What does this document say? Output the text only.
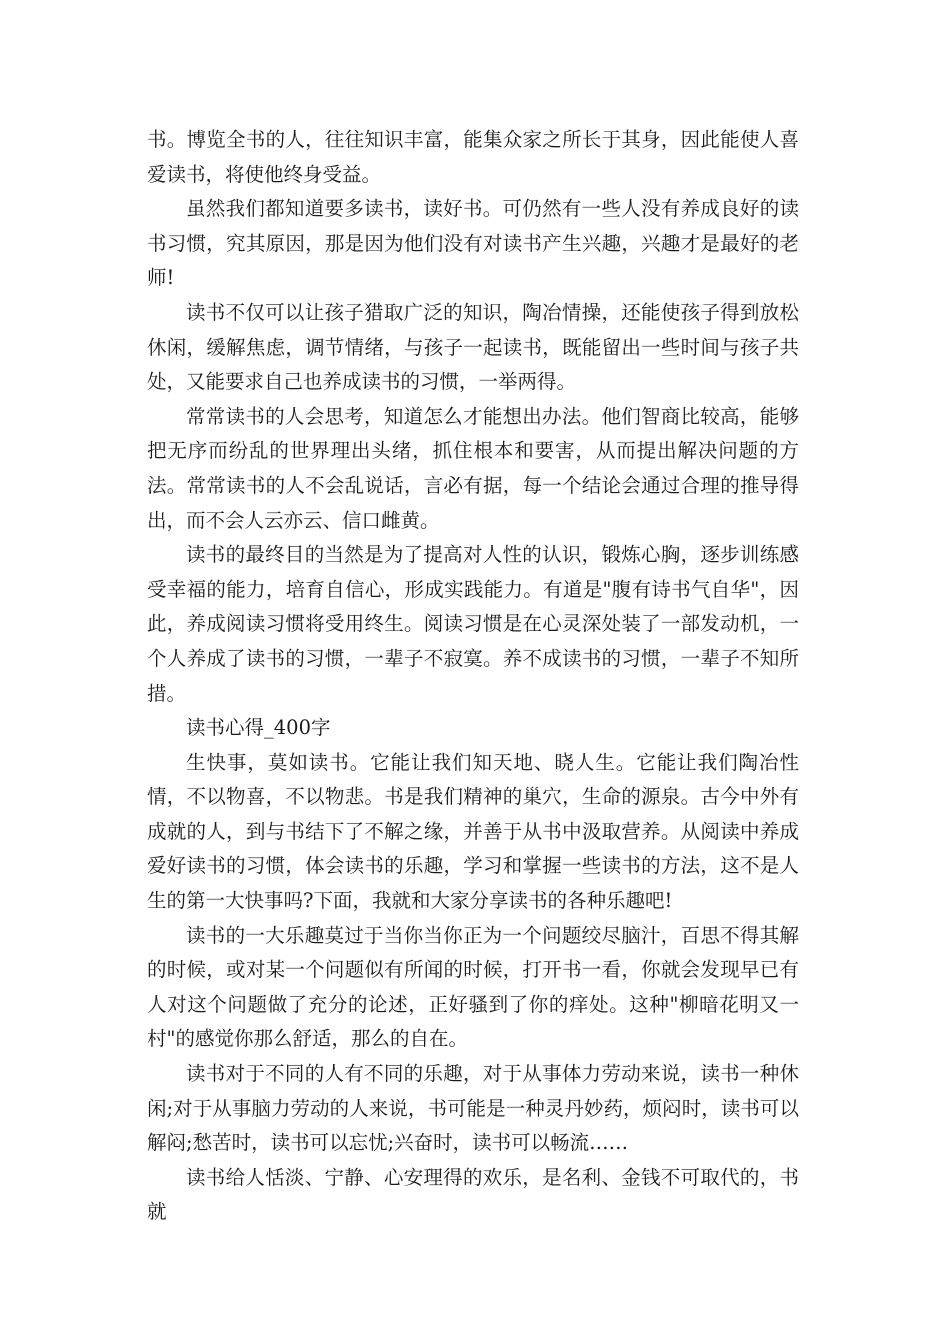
书。博览全书的人，往往知识丰富，能集众家之所长于其身，因此能使人喜爱读书，将使他终身受益。

虽然我们都知道要多读书，读好书。可仍然有一些人没有养成良好的读书习惯，究其原因，那是因为他们没有对读书产生兴趣，兴趣才是最好的老师!

读书不仅可以让孩子猎取广泛的知识，陶冶情操，还能使孩子得到放松休闲，缓解焦虑，调节情绪，与孩子一起读书，既能留出一些时间与孩子共处，又能要求自己也养成读书的习惯，一举两得。

常常读书的人会思考，知道怎么才能想出办法。他们智商比较高，能够把无序而纷乱的世界理出头绪，抓住根本和要害，从而提出解决问题的方法。常常读书的人不会乱说话，言必有据，每一个结论会通过合理的推导得出，而不会人云亦云、信口雌黄。

读书的最终目的当然是为了提高对人性的认识，锻炼心胸，逐步训练感受幸福的能力，培育自信心，形成实践能力。有道是"腹有诗书气自华"，因此，养成阅读习惯将受用终生。阅读习惯是在心灵深处装了一部发动机，一个人养成了读书的习惯，一辈子不寂寞。养不成读书的习惯，一辈子不知所措。

读书心得_400字

生快事，莫如读书。它能让我们知天地、晓人生。它能让我们陶冶性情，不以物喜，不以物悲。书是我们精神的巢穴，生命的源泉。古今中外有成就的人，到与书结下了不解之缘，并善于从书中汲取营养。从阅读中养成爱好读书的习惯，体会读书的乐趣，学习和掌握一些读书的方法，这不是人生的第一大快事吗?下面，我就和大家分享读书的各种乐趣吧!

读书的一大乐趣莫过于当你当你正为一个问题绞尽脑汁，百思不得其解的时候，或对某一个问题似有所闻的时候，打开书一看，你就会发现早已有人对这个问题做了充分的论述，正好骚到了你的痒处。这种"柳暗花明又一村"的感觉你那么舒适，那么的自在。

读书对于不同的人有不同的乐趣，对于从事体力劳动来说，读书一种休闲;对于从事脑力劳动的人来说，书可能是一种灵丹妙药，烦闷时，读书可以解闷;愁苦时，读书可以忘忧;兴奋时，读书可以畅流……

读书给人恬淡、宁静、心安理得的欢乐，是名利、金钱不可取代的，书就
